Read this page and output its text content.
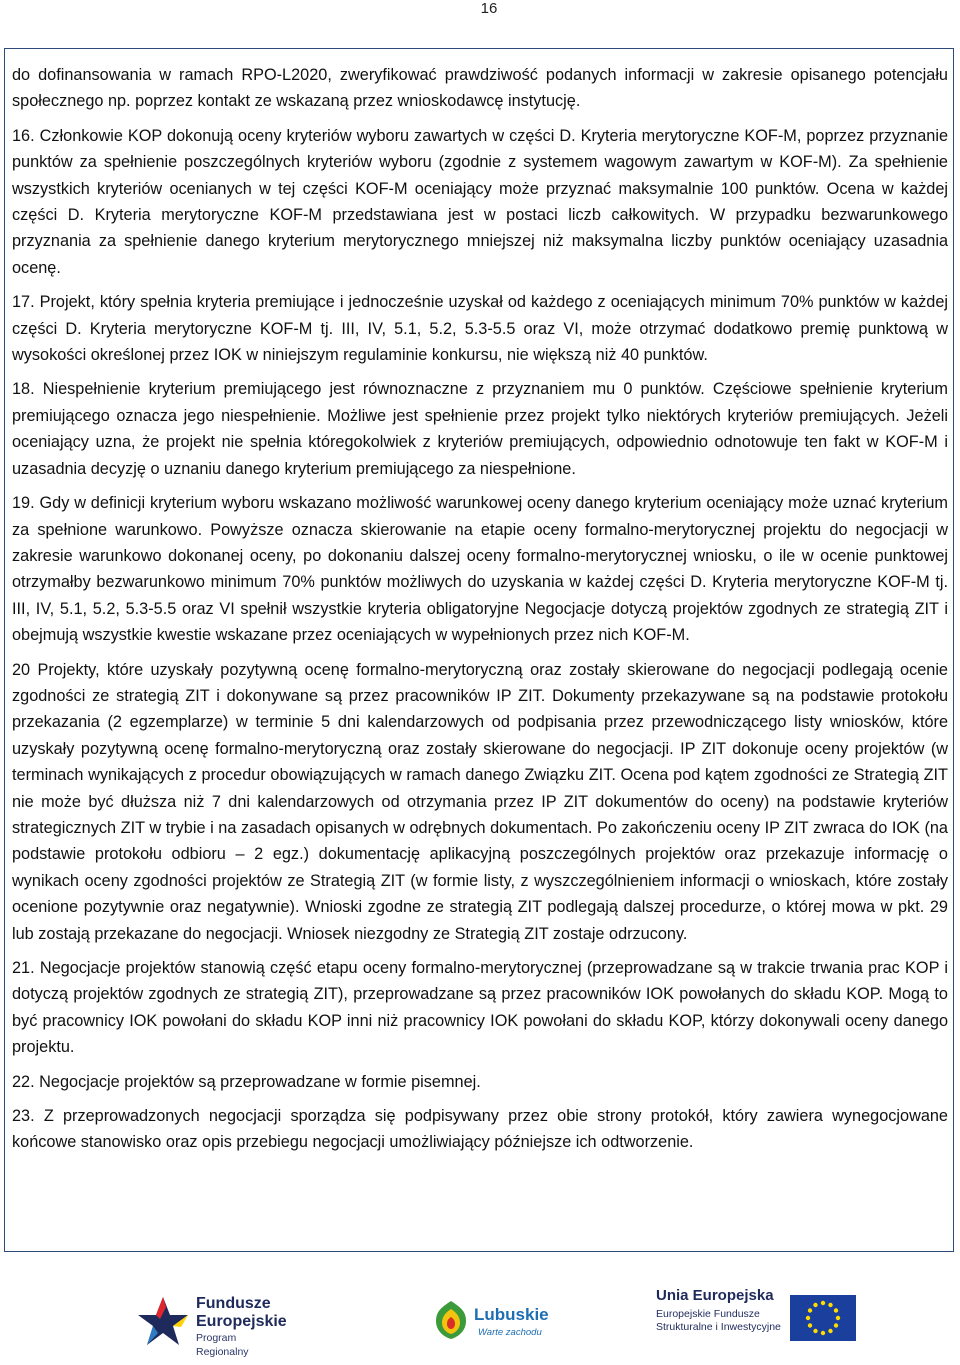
16

do dofinansowania w ramach RPO-L2020, zweryfikować prawdziwość podanych informacji w zakresie opisanego potencjału społecznego np. poprzez kontakt ze wskazaną przez wnioskodawcę instytucję.

16. Członkowie KOP dokonują oceny kryteriów wyboru zawartych w części D. Kryteria merytoryczne KOF-M, poprzez przyznanie punktów za spełnienie poszczególnych kryteriów wyboru (zgodnie z systemem wagowym zawartym w KOF-M). Za spełnienie wszystkich kryteriów ocenianych w tej części KOF-M oceniający może przyznać maksymalnie 100 punktów. Ocena w każdej części D. Kryteria merytoryczne KOF-M przedstawiana jest w postaci liczb całkowitych. W przypadku bezwarunkowego przyznania za spełnienie danego kryterium merytorycznego mniejszej niż maksymalna liczby punktów oceniający uzasadnia ocenę.

17. Projekt, który spełnia kryteria premiujące i jednocześnie uzyskał od każdego z oceniających minimum 70% punktów w każdej części D. Kryteria merytoryczne KOF-M tj. III, IV, 5.1, 5.2, 5.3-5.5 oraz VI, może otrzymać dodatkowo premię punktową w wysokości określonej przez IOK w niniejszym regulaminie konkursu, nie większą niż 40 punktów.

18. Niespełnienie kryterium premiującego jest równoznaczne z przyznaniem mu 0 punktów. Częściowe spełnienie kryterium premiującego oznacza jego niespełnienie. Możliwe jest spełnienie przez projekt tylko niektórych kryteriów premiujących. Jeżeli oceniający uzna, że projekt nie spełnia któregokolwiek z kryteriów premiujących, odpowiednio odnotowuje ten fakt w KOF-M i uzasadnia decyzję o uznaniu danego kryterium premiującego za niespełnione.

19. Gdy w definicji kryterium wyboru wskazano możliwość warunkowej oceny danego kryterium oceniający może uznać kryterium za spełnione warunkowo. Powyższe oznacza skierowanie na etapie oceny formalno-merytorycznej projektu do negocjacji w zakresie warunkowo dokonanej oceny, po dokonaniu dalszej oceny formalno-merytorycznej wniosku, o ile w ocenie punktowej otrzymałby bezwarunkowo minimum 70% punktów możliwych do uzyskania w każdej części D. Kryteria merytoryczne KOF-M tj. III, IV, 5.1, 5.2, 5.3-5.5 oraz VI spełnił wszystkie kryteria obligatoryjne Negocjacje dotyczą projektów zgodnych ze strategią ZIT i obejmują wszystkie kwestie wskazane przez oceniających w wypełnionych przez nich KOF-M.

20 Projekty, które uzyskały pozytywną ocenę formalno-merytoryczną oraz zostały skierowane do negocjacji podlegają ocenie zgodności ze strategią ZIT i dokonywane są przez pracowników IP ZIT. Dokumenty przekazywane są na podstawie protokołu przekazania (2 egzemplarze) w terminie 5 dni kalendarzowych od podpisania przez przewodniczącego listy wniosków, które uzyskały pozytywną ocenę formalno-merytoryczną oraz zostały skierowane do negocjacji. IP ZIT dokonuje oceny projektów (w terminach wynikających z procedur obowiązujących w ramach danego Związku ZIT. Ocena pod kątem zgodności ze Strategią ZIT nie może być dłuższa niż 7 dni kalendarzowych od otrzymania przez IP ZIT dokumentów do oceny) na podstawie kryteriów strategicznych ZIT w trybie i na zasadach opisanych w odrębnych dokumentach. Po zakończeniu oceny IP ZIT zwraca do IOK (na podstawie protokołu odbioru – 2 egz.) dokumentację aplikacyjną poszczególnych projektów oraz przekazuje informację o wynikach oceny zgodności projektów ze Strategią ZIT (w formie listy, z wyszczególnieniem informacji o wnioskach, które zostały ocenione pozytywnie oraz negatywnie). Wnioski zgodne ze strategią ZIT podlegają dalszej procedurze, o której mowa w pkt. 29 lub zostają przekazane do negocjacji. Wniosek niezgodny ze Strategią ZIT zostaje odrzucony.

21. Negocjacje projektów stanowią część etapu oceny formalno-merytorycznej (przeprowadzane są w trakcie trwania prac KOP i dotyczą projektów zgodnych ze strategią ZIT), przeprowadzane są przez pracowników IOK powołanych do składu KOP. Mogą to być pracownicy IOK powołani do składu KOP inni niż pracownicy IOK powołani do składu KOP, którzy dokonywali oceny danego projektu.

22. Negocjacje projektów są przeprowadzane w formie pisemnej.

23. Z przeprowadzonych negocjacji sporządza się podpisywany przez obie strony protokół, który zawiera wynegocjowane końcowe stanowisko oraz opis przebiegu negocjacji umożliwiający późniejsze ich odtworzenie.

Fundusze
Europejskie
Program Regionalny
Lubuskie
Warte zachodu
Unia Europejska
Europejskie Fundusze
Strukturalne i Inwestycyjne
